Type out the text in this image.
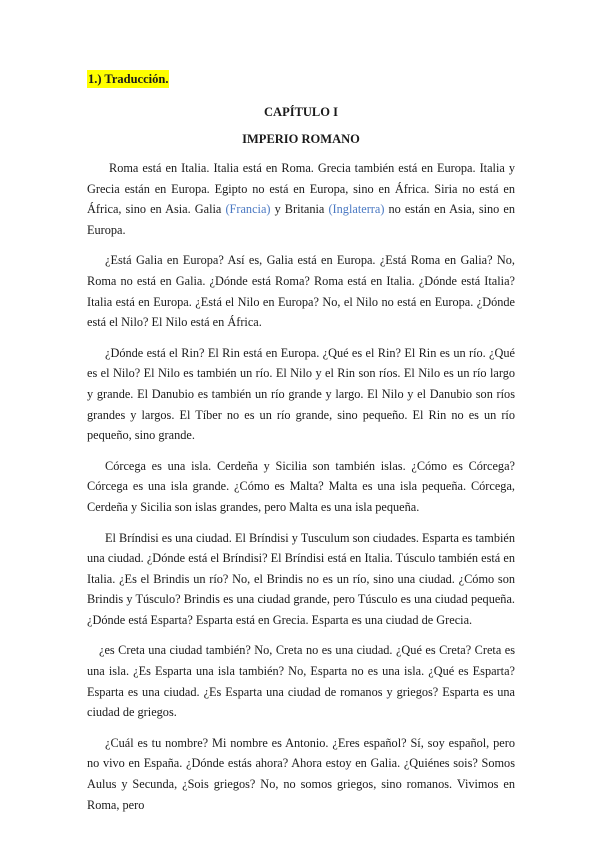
1.) Traducción.
CAPÍTULO I
IMPERIO ROMANO

Roma está en Italia. Italia está en Roma. Grecia también está en Europa. Italia y Grecia están en Europa. Egipto no está en Europa, sino en África. Siria no está en África, sino en Asia. Galia (Francia) y Britania (Inglaterra) no están en Asia, sino en Europa.

¿Está Galia en Europa? Así es, Galia está en Europa. ¿Está Roma en Galia? No, Roma no está en Galia. ¿Dónde está Roma? Roma está en Italia. ¿Dónde está Italia? Italia está en Europa. ¿Está el Nilo en Europa? No, el Nilo no está en Europa. ¿Dónde está el Nilo? El Nilo está en África.

¿Dónde está el Rin? El Rin está en Europa. ¿Qué es el Rin? El Rin es un río. ¿Qué es el Nilo? El Nilo es también un río. El Nilo y el Rin son ríos. El Nilo es un río largo y grande. El Danubio es también un río grande y largo. El Nilo y el Danubio son ríos grandes y largos. El Tíber no es un río grande, sino pequeño. El Rin no es un río pequeño, sino grande.

Córcega es una isla. Cerdeña y Sicilia son también islas. ¿Cómo es Córcega? Córcega es una isla grande. ¿Cómo es Malta? Malta es una isla pequeña. Córcega, Cerdeña y Sicilia son islas grandes, pero Malta es una isla pequeña.

El Bríndisi es una ciudad. El Bríndisi y Tusculum son ciudades. Esparta es también una ciudad. ¿Dónde está el Bríndisi? El Bríndisi está en Italia. Túsculo también está en Italia. ¿Es el Brindis un río? No, el Brindis no es un río, sino una ciudad. ¿Cómo son Brindis y Túsculo? Brindis es una ciudad grande, pero Túsculo es una ciudad pequeña. ¿Dónde está Esparta? Esparta está en Grecia. Esparta es una ciudad de Grecia.

¿es Creta una ciudad también? No, Creta no es una ciudad. ¿Qué es Creta? Creta es una isla. ¿Es Esparta una isla también? No, Esparta no es una isla. ¿Qué es Esparta? Esparta es una ciudad. ¿Es Esparta una ciudad de romanos y griegos? Esparta es una ciudad de griegos.

¿Cuál es tu nombre? Mi nombre es Antonio. ¿Eres español? Sí, soy español, pero no vivo en España. ¿Dónde estás ahora? Ahora estoy en Galia. ¿Quiénes sois? Somos Aulus y Secunda, ¿Sois griegos? No, no somos griegos, sino romanos. Vivimos en Roma, pero
